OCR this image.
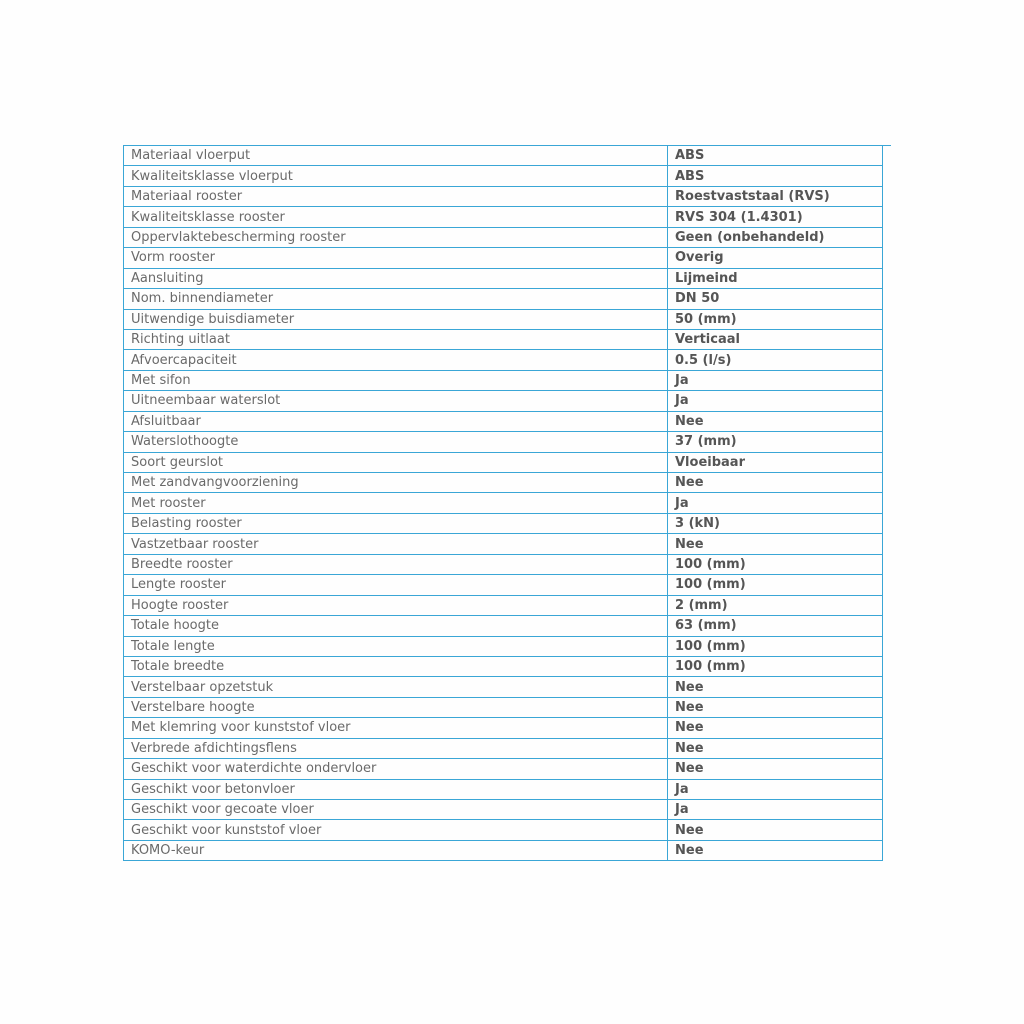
Materiaal vloerput	ABS
Kwaliteitsklasse vloerput	ABS
Materiaal rooster	Roestvaststaal (RVS)
Kwaliteitsklasse rooster	RVS 304 (1.4301)
Oppervlaktebescherming rooster	Geen (onbehandeld)
Vorm rooster	Overig
Aansluiting	Lijmeind
Nom. binnendiameter	DN 50
Uitwendige buisdiameter	50 (mm)
Richting uitlaat	Verticaal
Afvoercapaciteit	0.5 (l/s)
Met sifon	Ja
Uitneembaar waterslot	Ja
Afsluitbaar	Nee
Waterslothoogte	37 (mm)
Soort geurslot	Vloeibaar
Met zandvangvoorziening	Nee
Met rooster	Ja
Belasting rooster	3 (kN)
Vastzetbaar rooster	Nee
Breedte rooster	100 (mm)
Lengte rooster	100 (mm)
Hoogte rooster	2 (mm)
Totale hoogte	63 (mm)
Totale lengte	100 (mm)
Totale breedte	100 (mm)
Verstelbaar opzetstuk	Nee
Verstelbare hoogte	Nee
Met klemring voor kunststof vloer	Nee
Verbrede afdichtingsflens	Nee
Geschikt voor waterdichte ondervloer	Nee
Geschikt voor betonvloer	Ja
Geschikt voor gecoate vloer	Ja
Geschikt voor kunststof vloer	Nee
KOMO-keur	Nee
